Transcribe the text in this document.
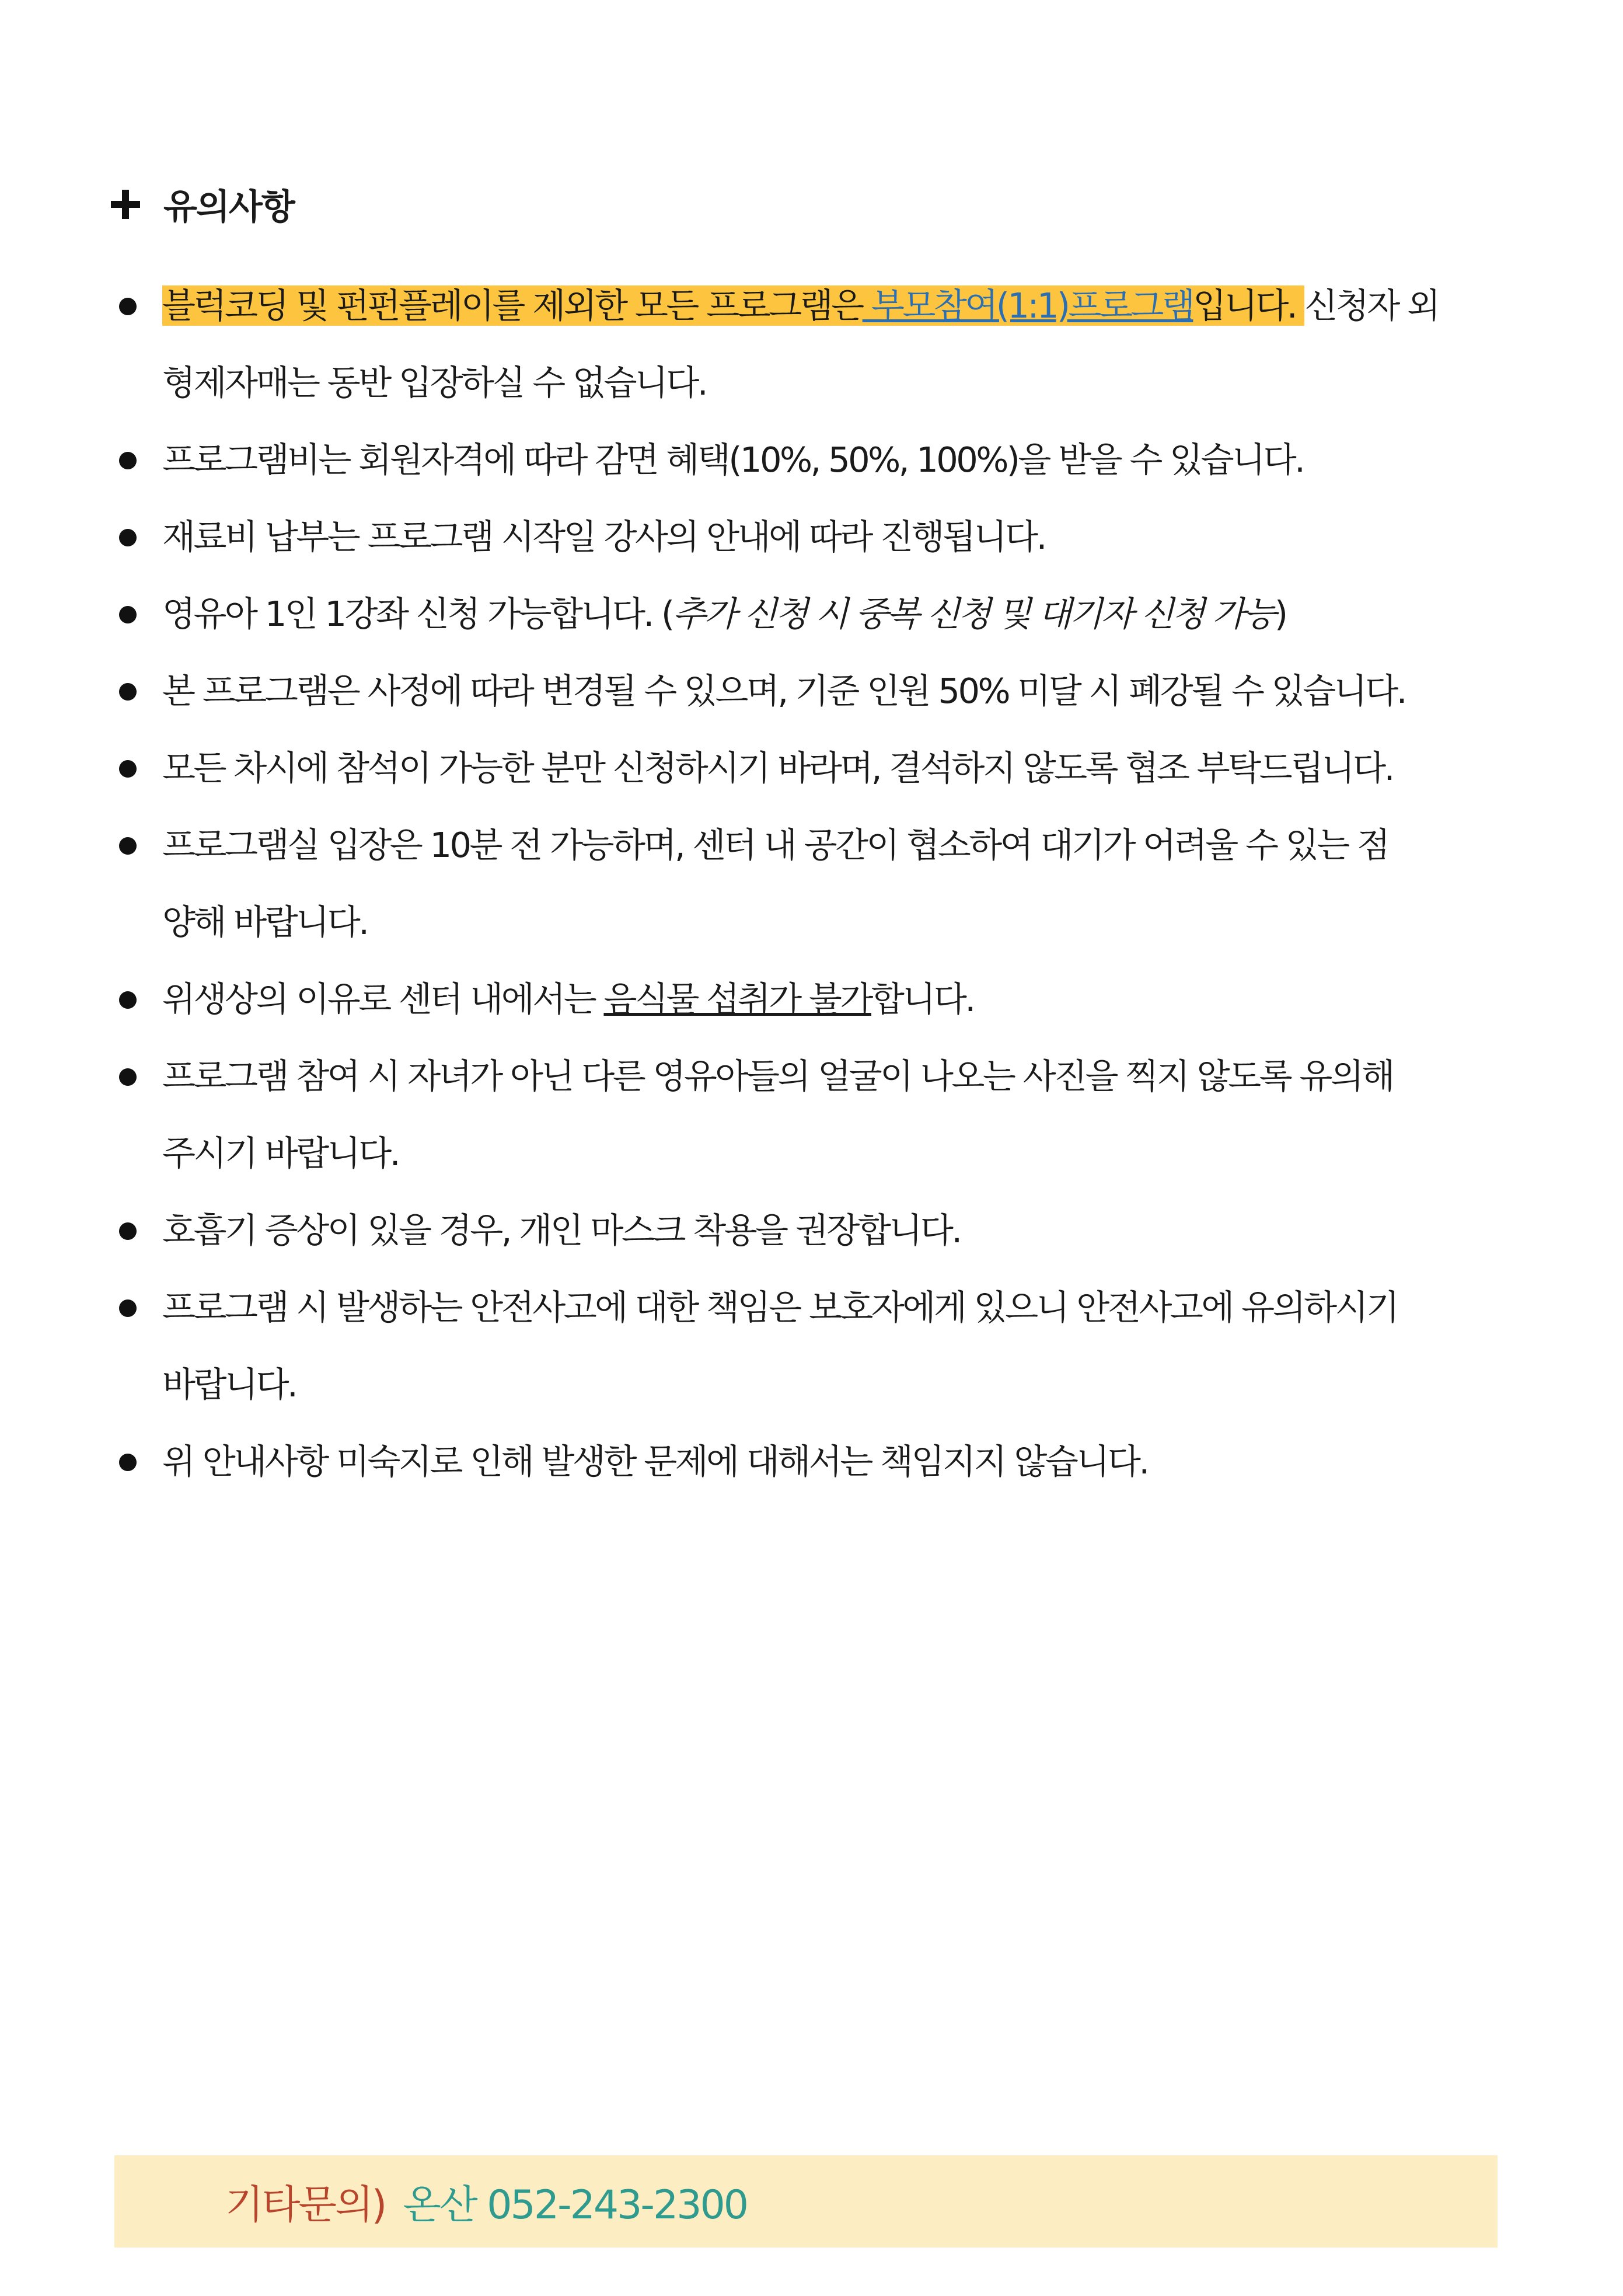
유의사항
블럭코딩 및 펀펀플레이를 제외한 모든 프로그램은 부모참여(1:1)프로그램입니다. 신청자 외
형제자매는 동반 입장하실 수 없습니다.
프로그램비는 회원자격에 따라 감면 혜택(10%, 50%, 100%)을 받을 수 있습니다.
재료비 납부는 프로그램 시작일 강사의 안내에 따라 진행됩니다.
영유아 1인 1강좌 신청 가능합니다. (추가 신청 시 중복 신청 및 대기자 신청 가능)
본 프로그램은 사정에 따라 변경될 수 있으며, 기준 인원 50% 미달 시 폐강될 수 있습니다.
모든 차시에 참석이 가능한 분만 신청하시기 바라며, 결석하지 않도록 협조 부탁드립니다.
프로그램실 입장은 10분 전 가능하며, 센터 내 공간이 협소하여 대기가 어려울 수 있는 점
양해 바랍니다.
위생상의 이유로 센터 내에서는 음식물 섭취가 불가합니다.
프로그램 참여 시 자녀가 아닌 다른 영유아들의 얼굴이 나오는 사진을 찍지 않도록 유의해
주시기 바랍니다.
호흡기 증상이 있을 경우, 개인 마스크 착용을 권장합니다.
프로그램 시 발생하는 안전사고에 대한 책임은 보호자에게 있으니 안전사고에 유의하시기
바랍니다.
위 안내사항 미숙지로 인해 발생한 문제에 대해서는 책임지지 않습니다.
기타문의) 온산 052-243-2300
